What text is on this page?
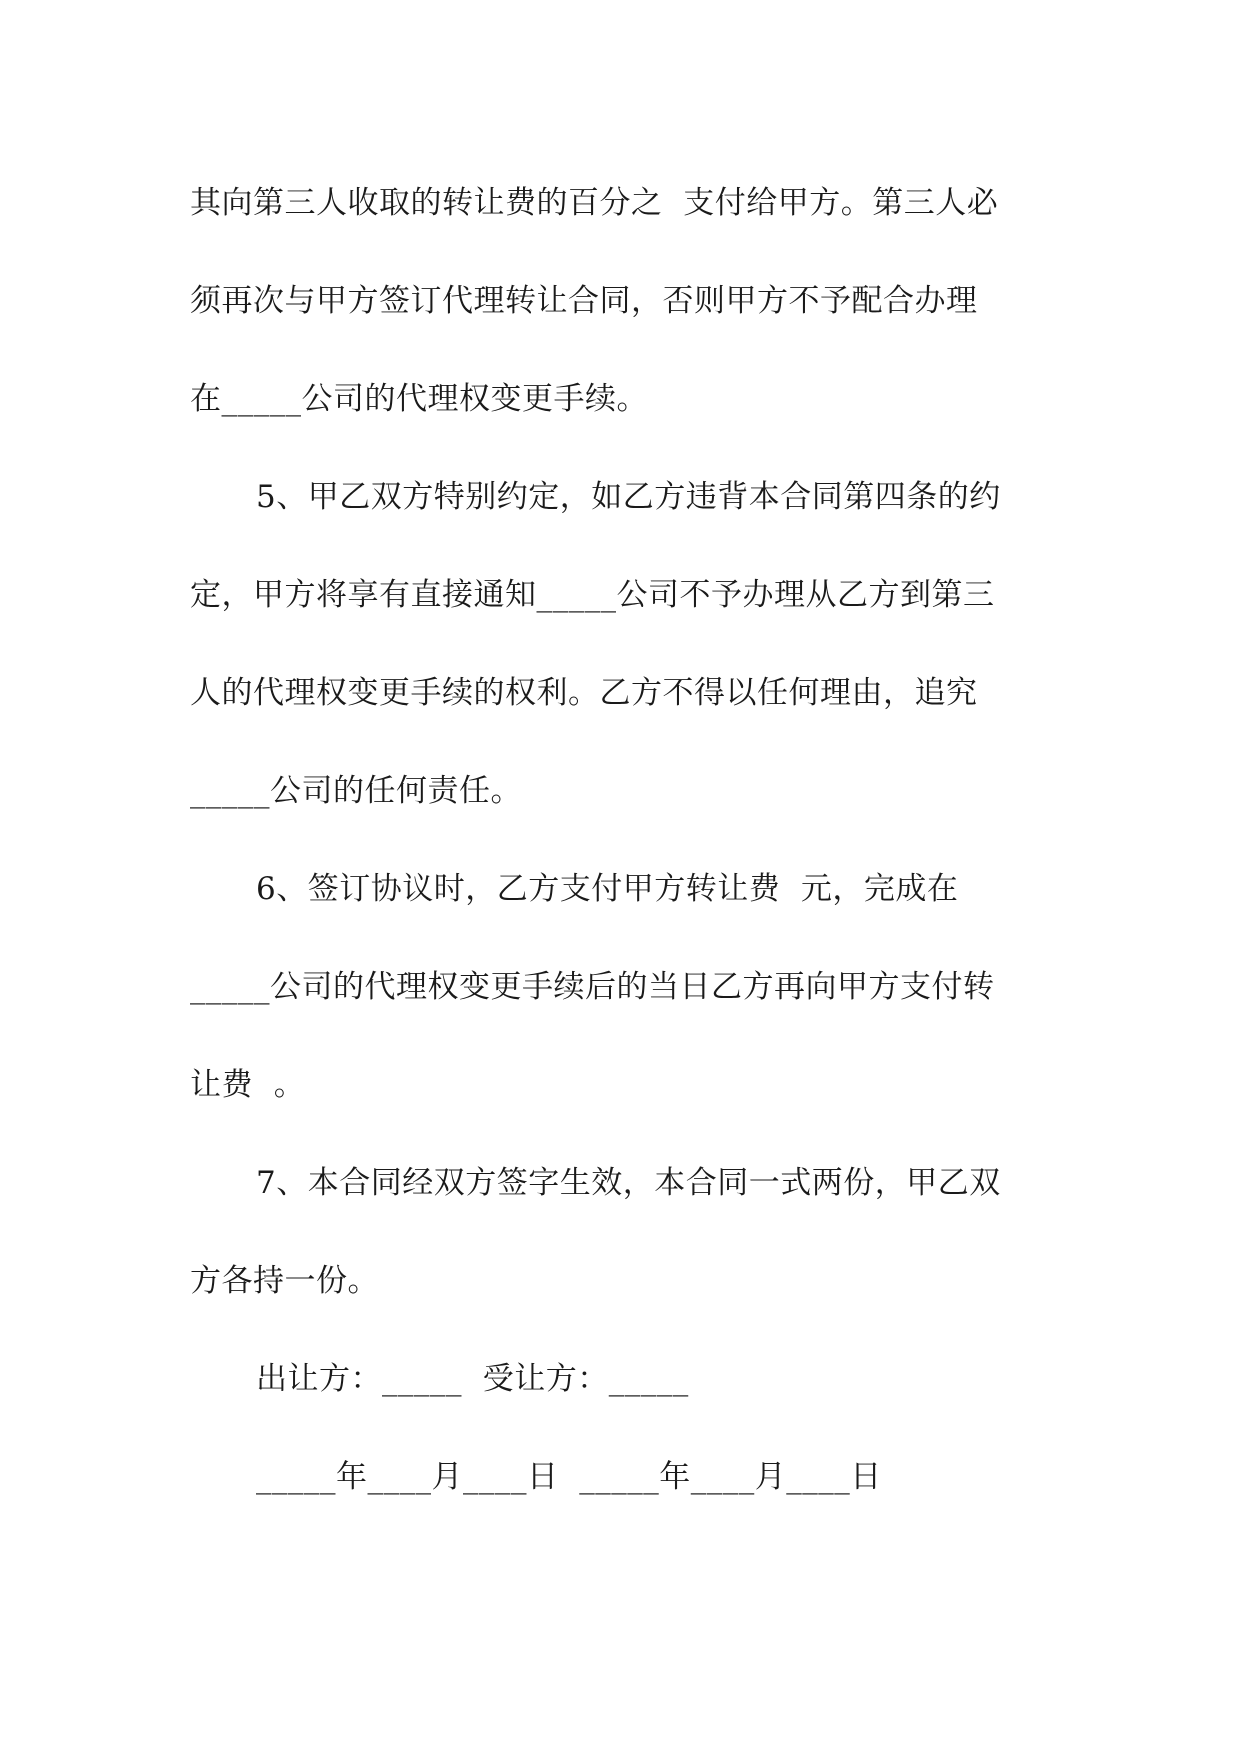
其向第三人收取的转让费的百分之  支付给甲方。第三人必
须再次与甲方签订代理转让合同，否则甲方不予配合办理
在_____公司的代理权变更手续。
5、甲乙双方特别约定，如乙方违背本合同第四条的约
定，甲方将享有直接通知_____公司不予办理从乙方到第三
人的代理权变更手续的权利。乙方不得以任何理由，追究
_____公司的任何责任。
6、签订协议时，乙方支付甲方转让费  元，完成在
_____公司的代理权变更手续后的当日乙方再向甲方支付转
让费  。
7、本合同经双方签字生效，本合同一式两份，甲乙双
方各持一份。
出让方：_____  受让方：_____
_____年____月____日  _____年____月____日
